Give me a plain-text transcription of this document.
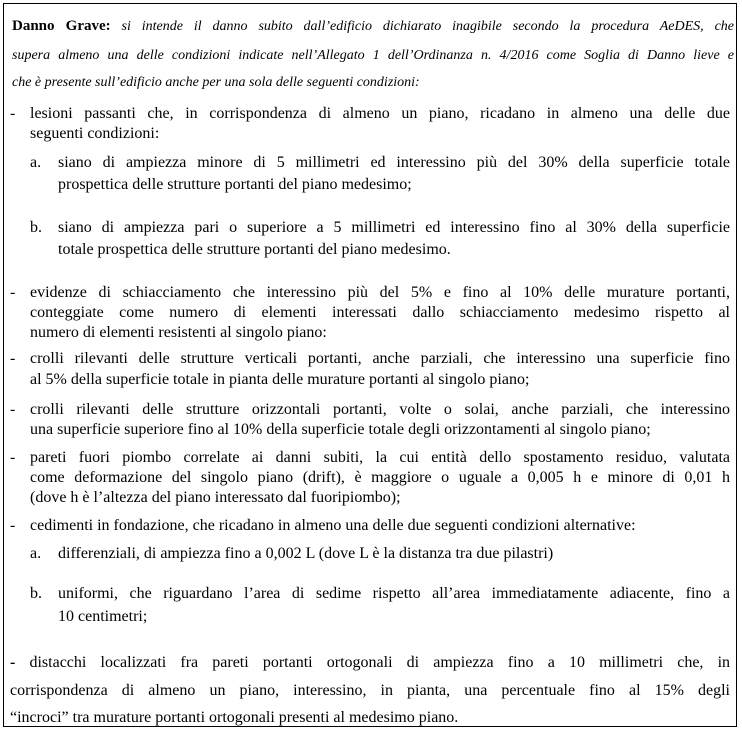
Danno Grave: si intende il danno subito dall’edificio dichiarato inagibile secondo la procedura AeDES, che
supera almeno una delle condizioni indicate nell’Allegato 1 dell’Ordinanza n. 4/2016 come Soglia di Danno lieve e
che è presente sull’edificio anche per una sola delle seguenti condizioni:
- lesioni passanti che, in corrispondenza di almeno un piano, ricadano in almeno una delle due
seguenti condizioni:
a. siano di ampiezza minore di 5 millimetri ed interessino più del 30% della superficie totale
prospettica delle strutture portanti del piano medesimo;
b. siano di ampiezza pari o superiore a 5 millimetri ed interessino fino al 30% della superficie
totale prospettica delle strutture portanti del piano medesimo.
- evidenze di schiacciamento che interessino più del 5% e fino al 10% delle murature portanti,
conteggiate come numero di elementi interessati dallo schiacciamento medesimo rispetto al
numero di elementi resistenti al singolo piano:
- crolli rilevanti delle strutture verticali portanti, anche parziali, che interessino una superficie fino
al 5% della superficie totale in pianta delle murature portanti al singolo piano;
- crolli rilevanti delle strutture orizzontali portanti, volte o solai, anche parziali, che interessino
una superficie superiore fino al 10% della superficie totale degli orizzontamenti al singolo piano;
- pareti fuori piombo correlate ai danni subiti, la cui entità dello spostamento residuo, valutata
come deformazione del singolo piano (drift), è maggiore o uguale a 0,005 h e minore di 0,01 h
(dove h è l’altezza del piano interessato dal fuoripiombo);
- cedimenti in fondazione, che ricadano in almeno una delle due seguenti condizioni alternative:
a. differenziali, di ampiezza fino a 0,002 L (dove L è la distanza tra due pilastri)
b. uniformi, che riguardano l’area di sedime rispetto all’area immediatamente adiacente, fino a
10 centimetri;
- distacchi localizzati fra pareti portanti ortogonali di ampiezza fino a 10 millimetri che, in
corrispondenza di almeno un piano, interessino, in pianta, una percentuale fino al 15% degli
“incroci” tra murature portanti ortogonali presenti al medesimo piano.
